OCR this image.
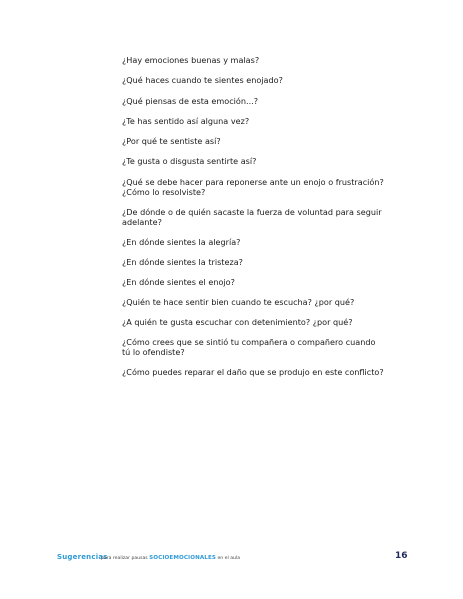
¿Hay emociones buenas y malas?

¿Qué haces cuando te sientes enojado?

¿Qué piensas de esta emoción...?

¿Te has sentido así alguna vez?

¿Por qué te sentiste así?

¿Te gusta o disgusta sentirte así?

¿Qué se debe hacer para reponerse ante un enojo o frustración?
¿Cómo lo resolviste?

¿De dónde o de quién sacaste la fuerza de voluntad para seguir
adelante?

¿En dónde sientes la alegría?

¿En dónde sientes la tristeza?

¿En dónde sientes el enojo?

¿Quién te hace sentir bien cuando te escucha? ¿por qué?

¿A quién te gusta escuchar con detenimiento? ¿por qué?

¿Cómo crees que se sintió tu compañera o compañero cuando
tú lo ofendiste?

¿Cómo puedes reparar el daño que se produjo en este conflicto?

Sugerencias
para realizar pausas SOCIOEMOCIONALES en el aula	16
